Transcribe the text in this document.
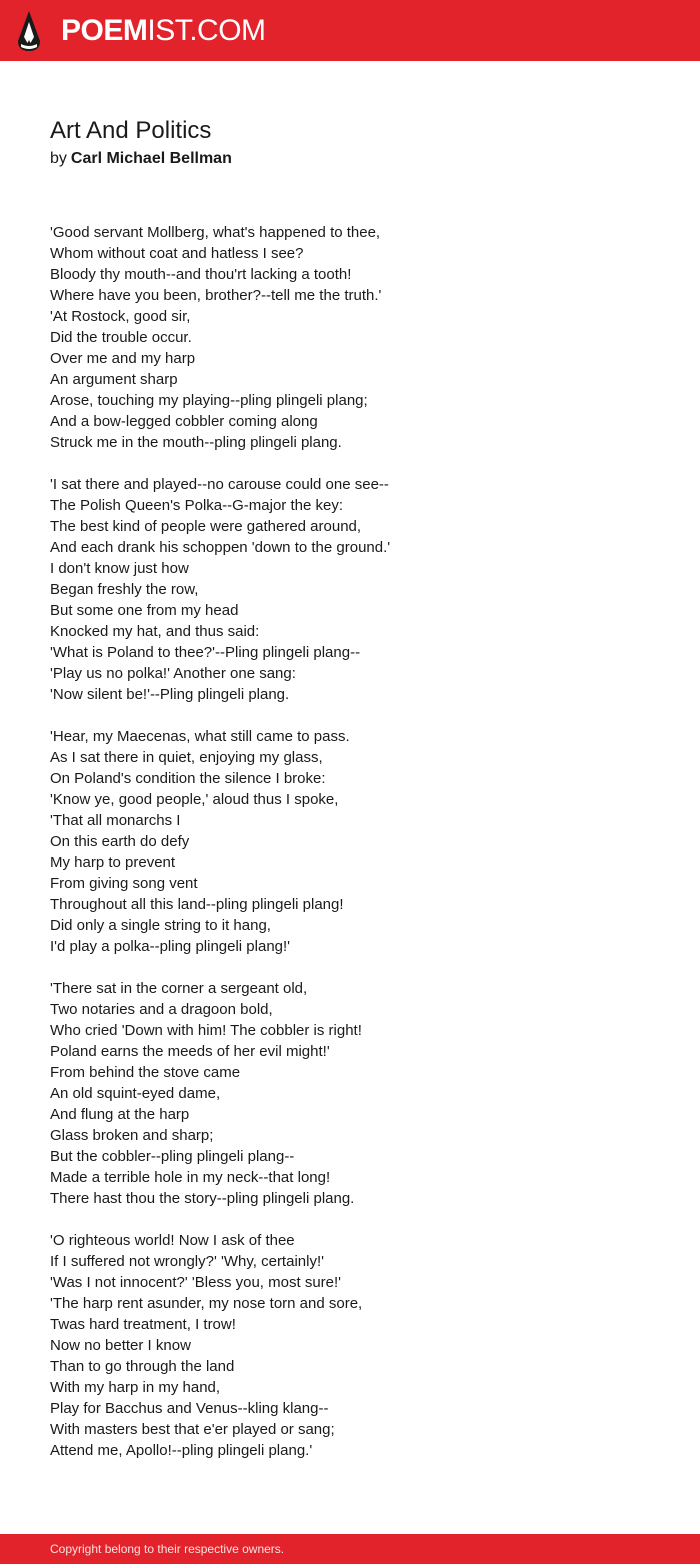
POEM IST.COM
Art And Politics
by Carl Michael Bellman
'Good servant Mollberg, what's happened to thee,
Whom without coat and hatless I see?
Bloody thy mouth--and thou'rt lacking a tooth!
Where have you been, brother?--tell me the truth.'
'At Rostock, good sir,
Did the trouble occur.
Over me and my harp
An argument sharp
Arose, touching my playing--pling plingeli plang;
And a bow-legged cobbler coming along
Struck me in the mouth--pling plingeli plang.
'I sat there and played--no carouse could one see--
The Polish Queen's Polka--G-major the key:
The best kind of people were gathered around,
And each drank his schoppen 'down to the ground.'
I don't know just how
Began freshly the row,
But some one from my head
Knocked my hat, and thus said:
'What is Poland to thee?'--Pling plingeli plang--
'Play us no polka!' Another one sang:
'Now silent be!'--Pling plingeli plang.
'Hear, my Maecenas, what still came to pass.
As I sat there in quiet, enjoying my glass,
On Poland's condition the silence I broke:
'Know ye, good people,' aloud thus I spoke,
'That all monarchs I
On this earth do defy
My harp to prevent
From giving song vent
Throughout all this land--pling plingeli plang!
Did only a single string to it hang,
I'd play a polka--pling plingeli plang!'
'There sat in the corner a sergeant old,
Two notaries and a dragoon bold,
Who cried 'Down with him! The cobbler is right!
Poland earns the meeds of her evil might!'
From behind the stove came
An old squint-eyed dame,
And flung at the harp
Glass broken and sharp;
But the cobbler--pling plingeli plang--
Made a terrible hole in my neck--that long!
There hast thou the story--pling plingeli plang.
'O righteous world! Now I ask of thee
If I suffered not wrongly?' 'Why, certainly!'
'Was I not innocent?' 'Bless you, most sure!'
'The harp rent asunder, my nose torn and sore,
Twas hard treatment, I trow!
Now no better I know
Than to go through the land
With my harp in my hand,
Play for Bacchus and Venus--kling klang--
With masters best that e'er played or sang;
Attend me, Apollo!--pling plingeli plang.'
Copyright belong to their respective owners.
